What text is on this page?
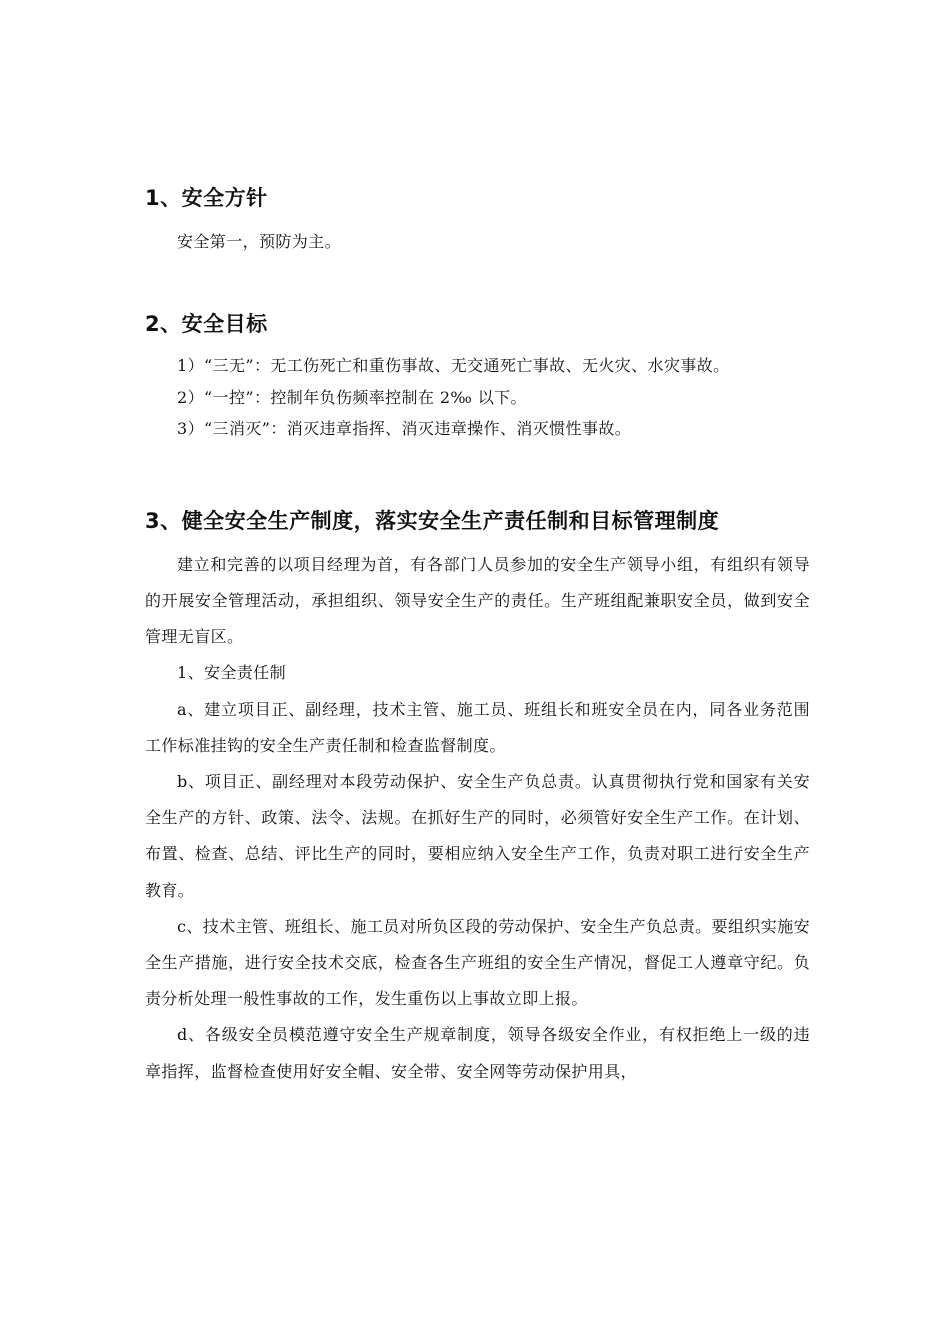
1、安全方针

安全第一，预防为主。

2、安全目标

1）“三无”：无工伤死亡和重伤事故、无交通死亡事故、无火灾、水灾事故。

2）“一控”：控制年负伤频率控制在 2‰ 以下。

3）“三消灭”：消灭违章指挥、消灭违章操作、消灭惯性事故。

3、健全安全生产制度，落实安全生产责任制和目标管理制度

建立和完善的以项目经理为首，有各部门人员参加的安全生产领导小组，有组织有领导的开展安全管理活动，承担组织、领导安全生产的责任。生产班组配兼职安全员，做到安全管理无盲区。

1、安全责任制

a、建立项目正、副经理，技术主管、施工员、班组长和班安全员在内，同各业务范围工作标准挂钩的安全生产责任制和检查监督制度。

b、项目正、副经理对本段劳动保护、安全生产负总责。认真贯彻执行党和国家有关安全生产的方针、政策、法令、法规。在抓好生产的同时，必须管好安全生产工作。在计划、布置、检查、总结、评比生产的同时，要相应纳入安全生产工作，负责对职工进行安全生产教育。

c、技术主管、班组长、施工员对所负区段的劳动保护、安全生产负总责。要组织实施安全生产措施，进行安全技术交底，检查各生产班组的安全生产情况，督促工人遵章守纪。负责分析处理一般性事故的工作，发生重伤以上事故立即上报。

d、各级安全员模范遵守安全生产规章制度，领导各级安全作业，有权拒绝上一级的违章指挥，监督检查使用好安全帽、安全带、安全网等劳动保护用具，
